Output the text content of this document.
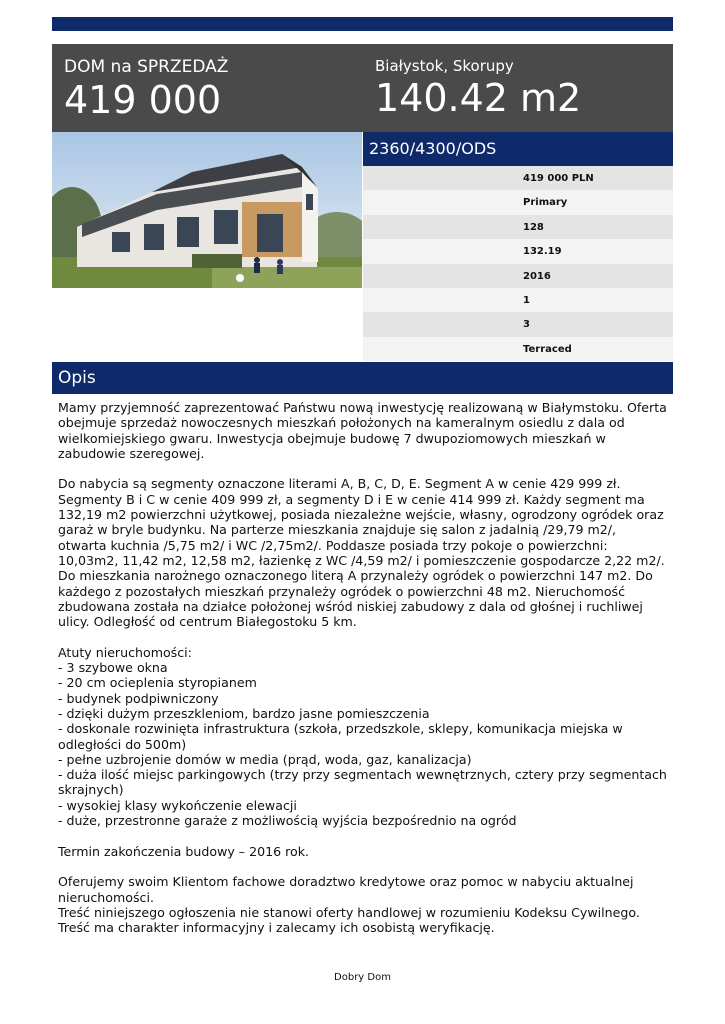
DOM na SPRZEDAŻ
419 000
Białystok, Skorupy
140.42 m2
2360/4300/ODS
419 000 PLN
Primary
128
132.19
2016
1
3
Terraced
Opis

Mamy przyjemność zaprezentować Państwu nową inwestycję realizowaną w Białymstoku. Oferta obejmuje sprzedaż nowoczesnych mieszkań położonych na kameralnym osiedlu z dala od wielkomiejskiego gwaru. Inwestycja obejmuje budowę 7 dwupoziomowych mieszkań w zabudowie szeregowej.

Do nabycia są segmenty oznaczone literami A, B, C, D, E. Segment A w cenie 429 999 zł. Segmenty B i C w cenie 409 999 zł, a segmenty D i E w cenie 414 999 zł. Każdy segment ma 132,19 m2 powierzchni użytkowej, posiada niezależne wejście, własny, ogrodzony ogródek oraz garaż w bryle budynku. Na parterze mieszkania znajduje się salon z jadalnią /29,79 m2/, otwarta kuchnia /5,75 m2/ i WC /2,75m2/. Poddasze posiada trzy pokoje o powierzchni: 10,03m2, 11,42 m2, 12,58 m2, łazienkę z WC /4,59 m2/ i pomieszczenie gospodarcze 2,22 m2/. Do mieszkania narożnego oznaczonego literą A przynależy ogródek o powierzchni 147 m2. Do każdego z pozostałych mieszkań przynależy ogródek o powierzchni 48 m2. Nieruchomość zbudowana została na działce położonej wśród niskiej zabudowy z dala od głośnej i ruchliwej ulicy. Odległość od centrum Białegostoku 5 km.

Atuty nieruchomości:
- 3 szybowe okna
- 20 cm ocieplenia styropianem
- budynek podpiwniczony
- dzięki dużym przeszkleniom, bardzo jasne pomieszczenia
- doskonale rozwinięta infrastruktura (szkoła, przedszkole, sklepy, komunikacja miejska w odległości do 500m)
- pełne uzbrojenie domów w media (prąd, woda, gaz, kanalizacja)
- duża ilość miejsc parkingowych (trzy przy segmentach wewnętrznych, cztery przy segmentach skrajnych)
- wysokiej klasy wykończenie elewacji
- duże, przestronne garaże z możliwością wyjścia bezpośrednio na ogród

Termin zakończenia budowy – 2016 rok.

Oferujemy swoim Klientom fachowe doradztwo kredytowe oraz pomoc w nabyciu aktualnej nieruchomości.
Treść niniejszego ogłoszenia nie stanowi oferty handlowej w rozumieniu Kodeksu Cywilnego. Treść ma charakter informacyjny i zalecamy ich osobistą weryfikację.

Dobry Dom
